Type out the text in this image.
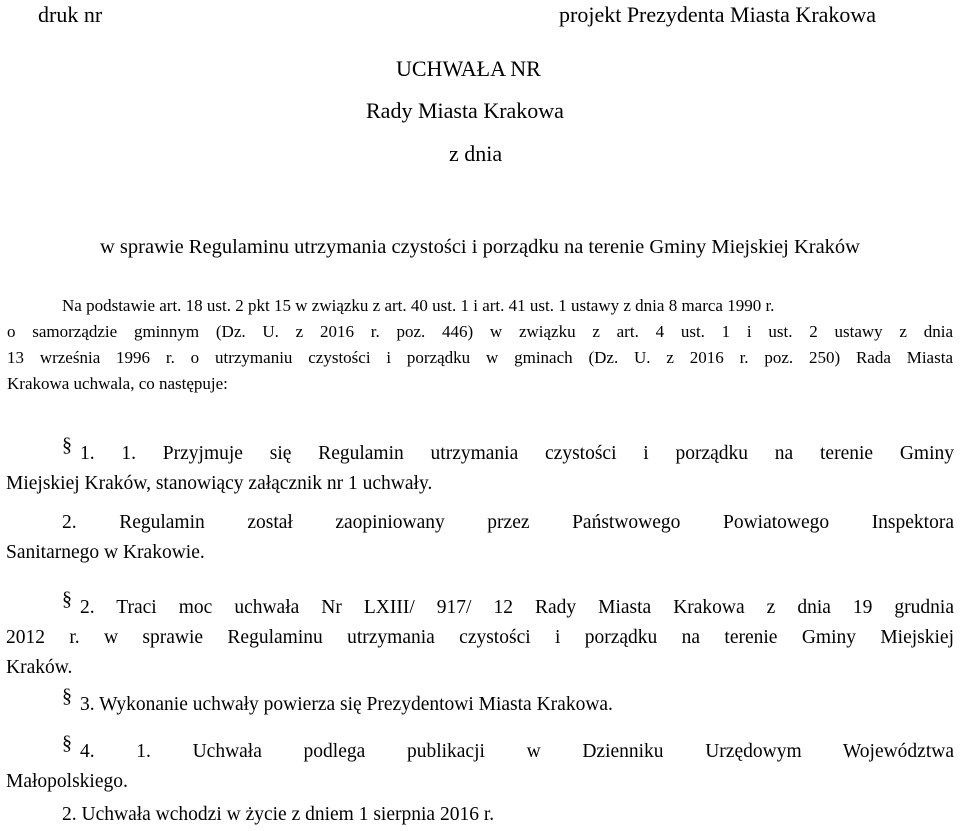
druk nr	projekt Prezydenta Miasta Krakowa
UCHWAŁA NR
Rady Miasta Krakowa
z dnia
w sprawie Regulaminu utrzymania czystości i porządku na terenie Gminy Miejskiej Kraków
Na podstawie art. 18 ust. 2 pkt 15 w związku z art. 40 ust. 1 i art. 41 ust. 1 ustawy z dnia 8 marca 1990 r.
o samorządzie gminnym (Dz. U. z 2016 r. poz. 446) w związku z art. 4 ust. 1 i ust. 2 ustawy z dnia
13 września 1996 r. o utrzymaniu czystości i porządku w gminach (Dz. U. z 2016 r. poz. 250) Rada Miasta
Krakowa uchwala, co następuje:
§ 1. 1. Przyjmuje się Regulamin utrzymania czystości i porządku na terenie Gminy
Miejskiej Kraków, stanowiący załącznik nr 1 uchwały.
2. Regulamin został zaopiniowany przez Państwowego Powiatowego Inspektora
Sanitarnego w Krakowie.
§ 2. Traci moc uchwała Nr LXIII/ 917/ 12 Rady Miasta Krakowa z dnia 19 grudnia
2012 r. w sprawie Regulaminu utrzymania czystości i porządku na terenie Gminy Miejskiej
Kraków.
§ 3. Wykonanie uchwały powierza się Prezydentowi Miasta Krakowa.
§ 4. 1. Uchwała podlega publikacji w Dzienniku Urzędowym Województwa
Małopolskiego.
2. Uchwała wchodzi w życie z dniem 1 sierpnia 2016 r.
